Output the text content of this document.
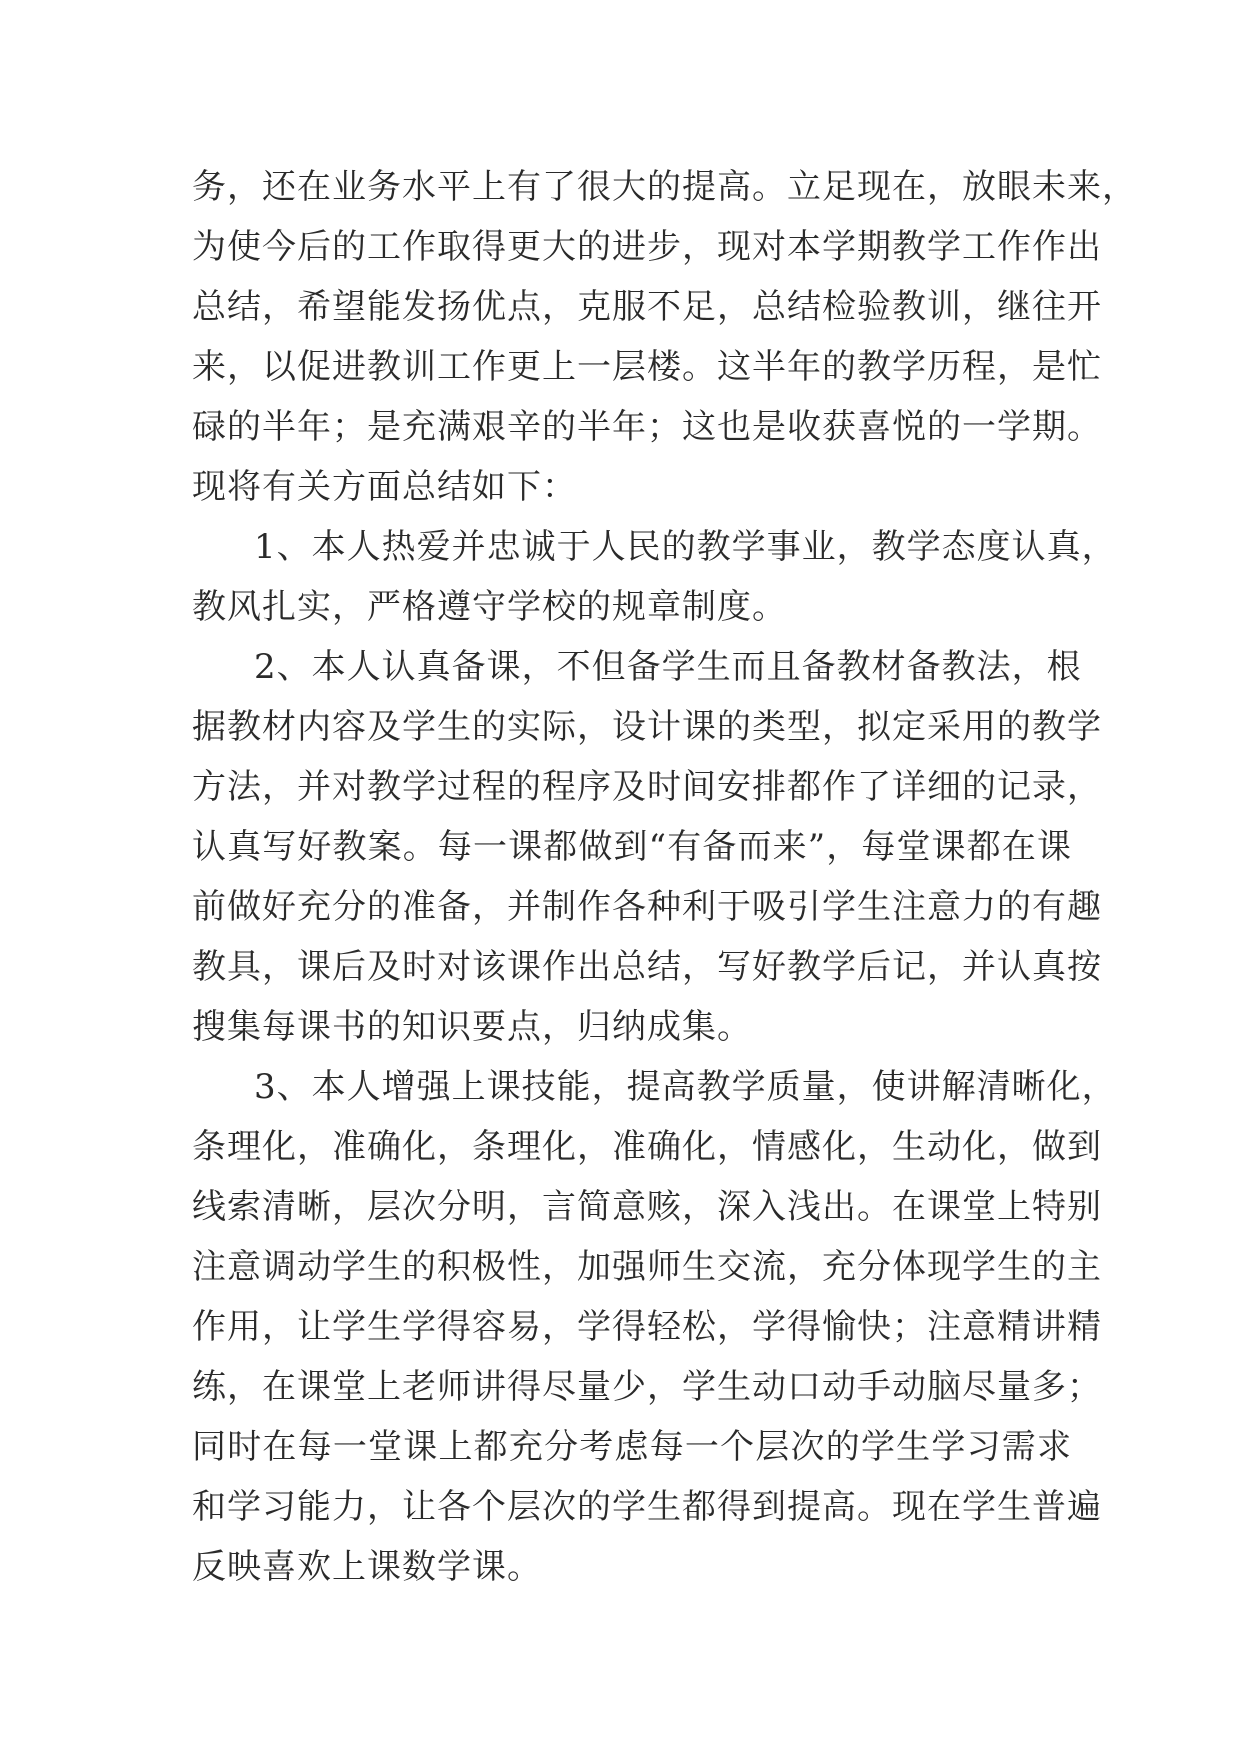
务，还在业务水平上有了很大的提高。立足现在，放眼未来，
为使今后的工作取得更大的进步，现对本学期教学工作作出
总结，希望能发扬优点，克服不足，总结检验教训，继往开
来，以促进教训工作更上一层楼。这半年的教学历程，是忙
碌的半年；是充满艰辛的半年；这也是收获喜悦的一学期。
现将有关方面总结如下：
1、本人热爱并忠诚于人民的教学事业，教学态度认真，
教风扎实，严格遵守学校的规章制度。
2、本人认真备课，不但备学生而且备教材备教法，根
据教材内容及学生的实际，设计课的类型，拟定采用的教学
方法，并对教学过程的程序及时间安排都作了详细的记录，
认真写好教案。每一课都做到“有备而来”，每堂课都在课
前做好充分的准备，并制作各种利于吸引学生注意力的有趣
教具，课后及时对该课作出总结，写好教学后记，并认真按
搜集每课书的知识要点，归纳成集。
3、本人增强上课技能，提高教学质量，使讲解清晰化，
条理化，准确化，条理化，准确化，情感化，生动化，做到
线索清晰，层次分明，言简意赅，深入浅出。在课堂上特别
注意调动学生的积极性，加强师生交流，充分体现学生的主
作用，让学生学得容易，学得轻松，学得愉快；注意精讲精
练，在课堂上老师讲得尽量少，学生动口动手动脑尽量多；
同时在每一堂课上都充分考虑每一个层次的学生学习需求
和学习能力，让各个层次的学生都得到提高。现在学生普遍
反映喜欢上课数学课。
